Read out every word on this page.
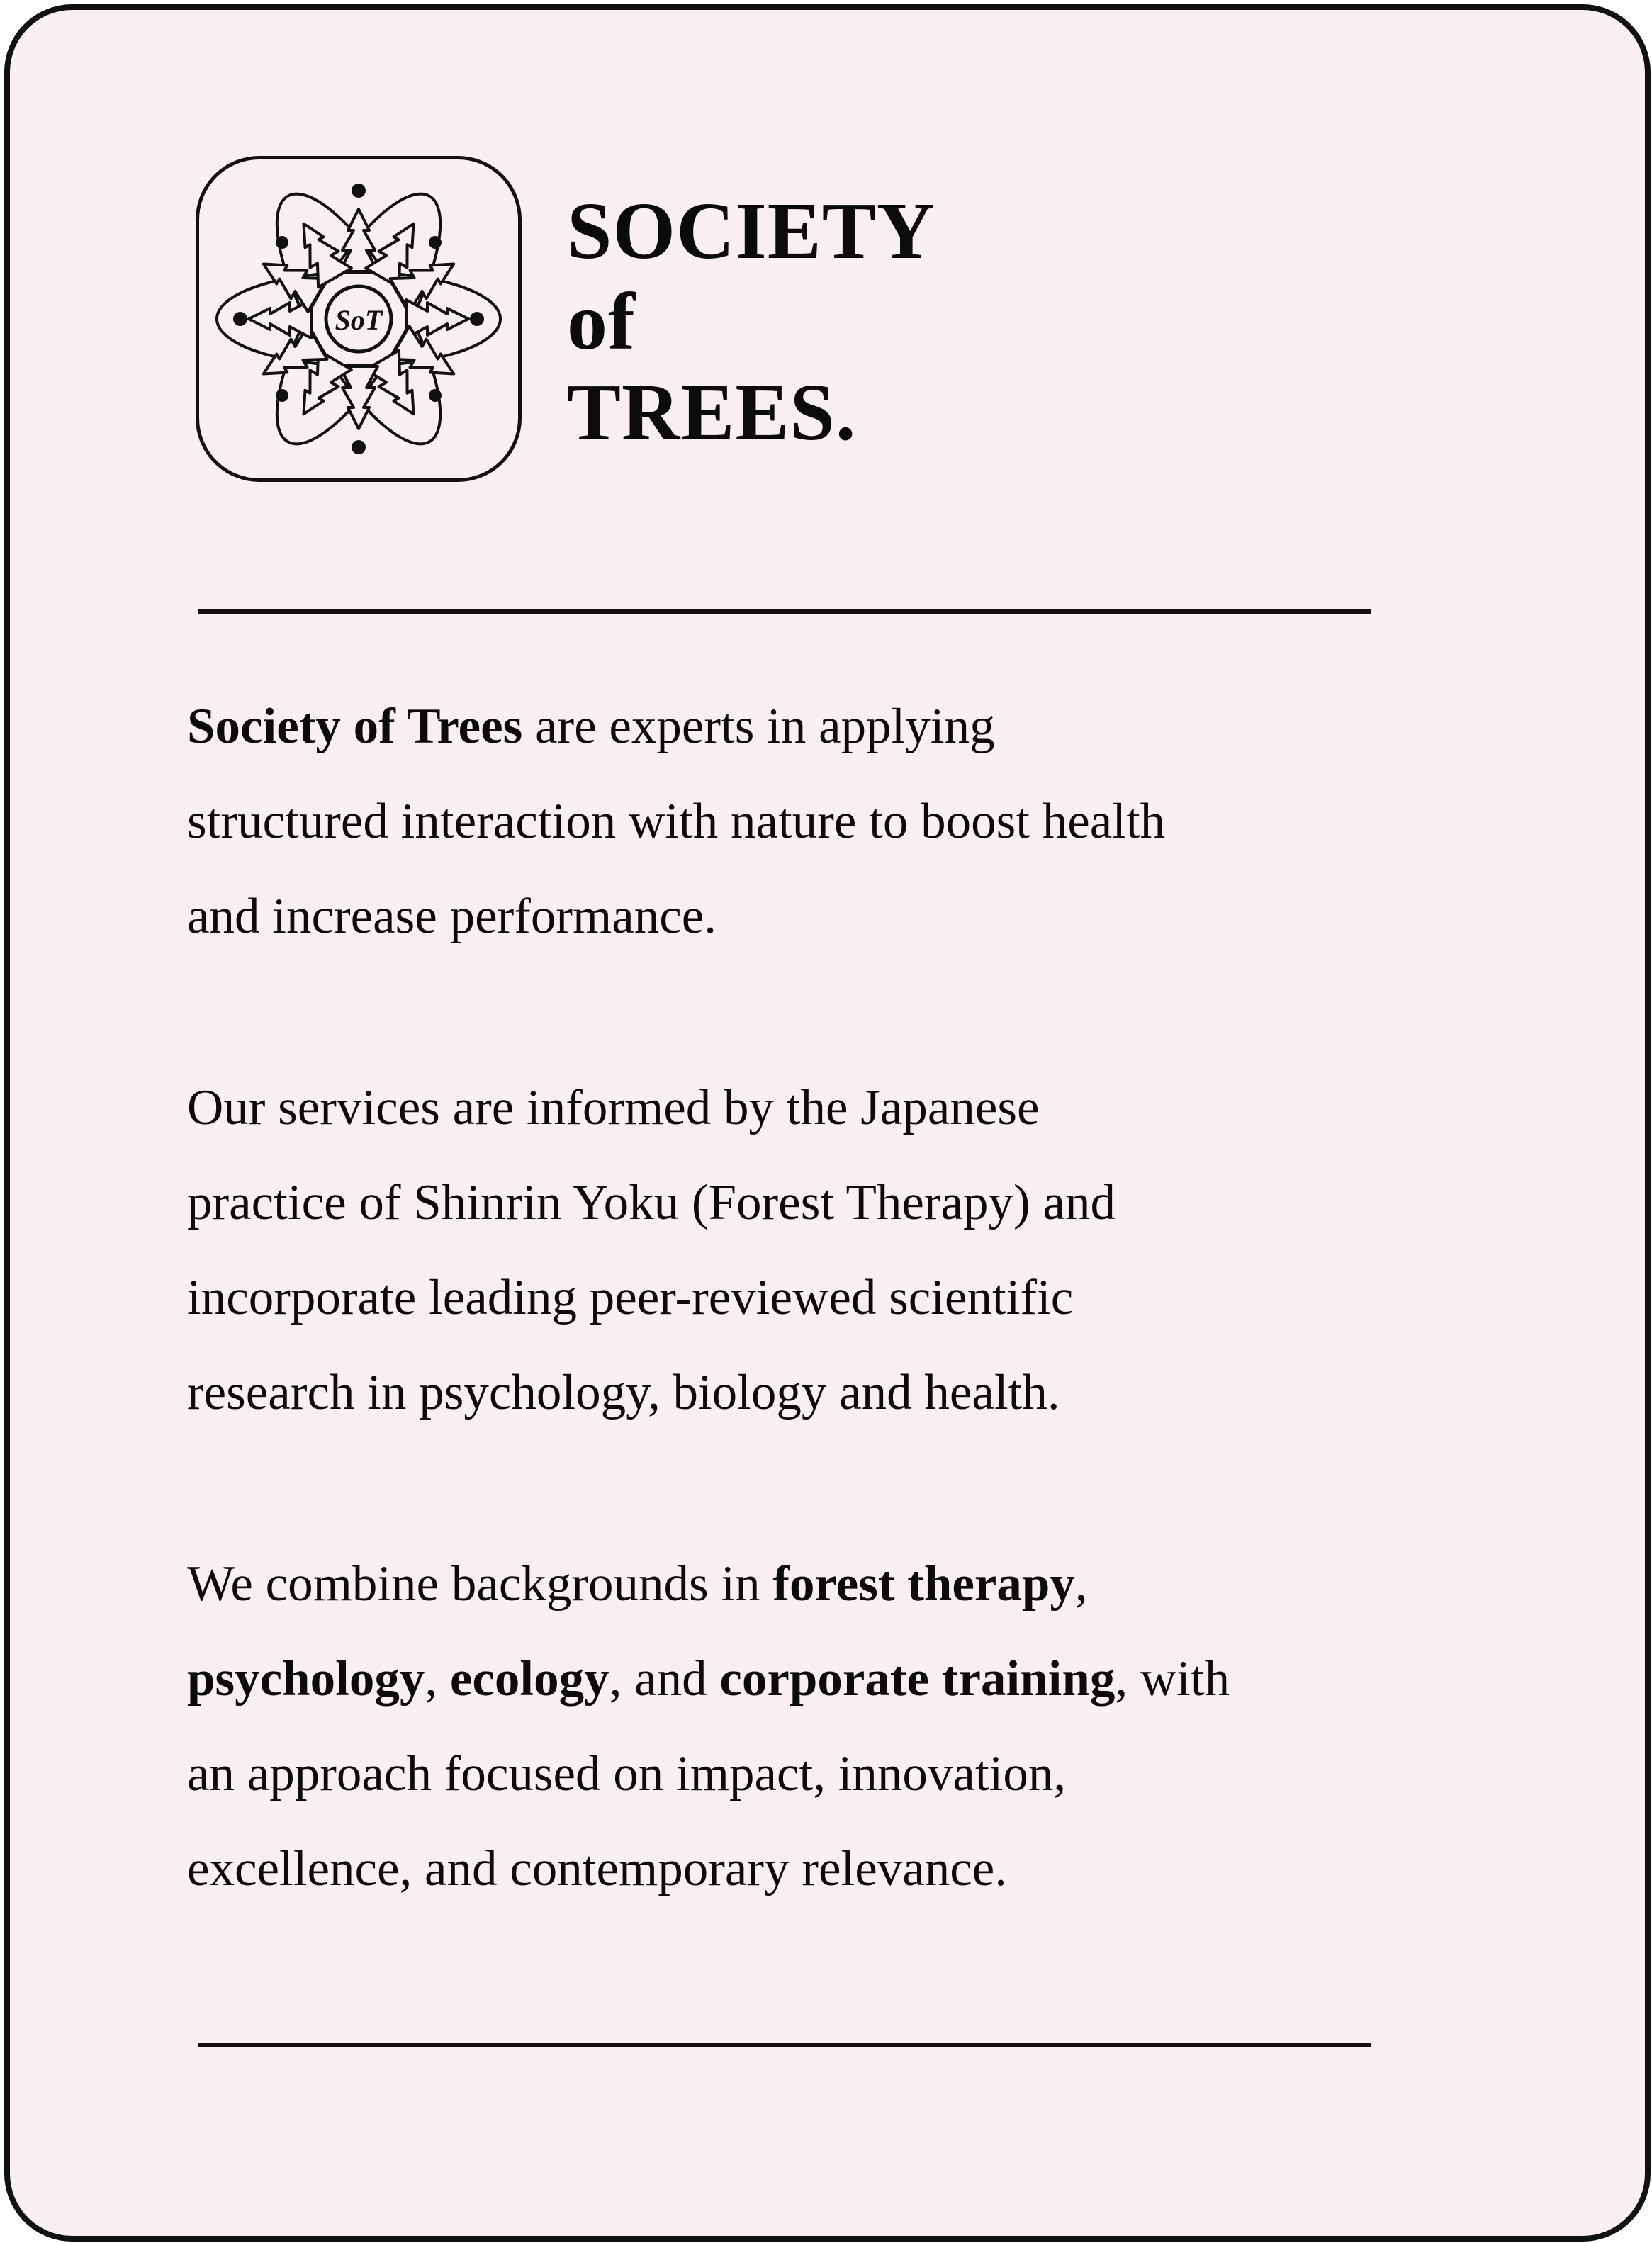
SoT
SOCIETY
of
TREES.

Society of Trees are experts in applying

structured interaction with nature to boost health

and increase performance.

Our services are informed by the Japanese

practice of Shinrin Yoku (Forest Therapy) and

incorporate leading peer-reviewed scientific

research in psychology, biology and health.

We combine backgrounds in forest therapy,

psychology, ecology, and corporate training, with

an approach focused on impact, innovation,

excellence, and contemporary relevance.
